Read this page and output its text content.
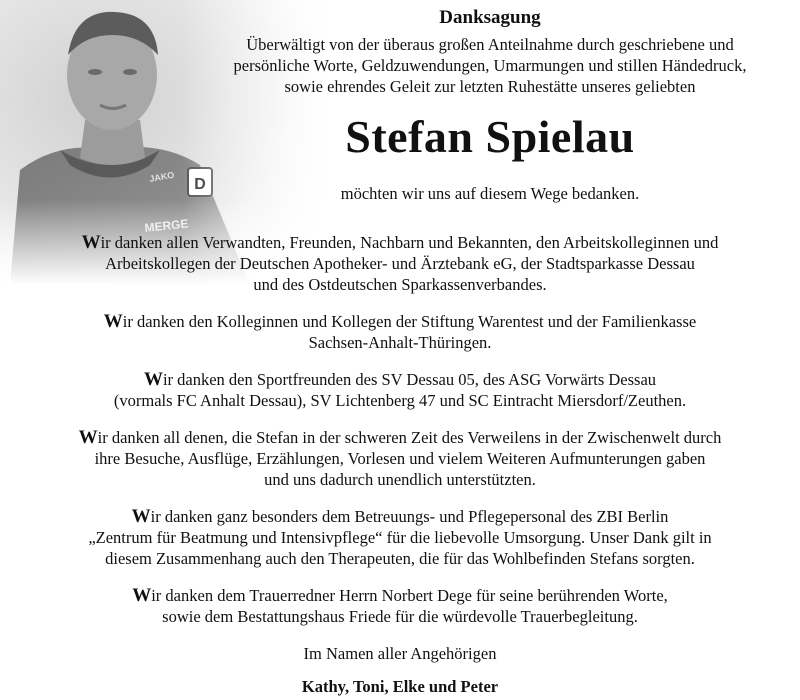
Danksagung
Überwältigt von der überaus großen Anteilnahme durch geschriebene und
persönliche Worte, Geldzuwendungen, Umarmungen und stillen Händedruck,
sowie ehrendes Geleit zur letzten Ruhestätte unseres geliebten
Stefan Spielau
möchten wir uns auf diesem Wege bedanken.
Wir danken allen Verwandten, Freunden, Nachbarn und Bekannten, den Arbeitskolleginnen und
Arbeitskollegen der Deutschen Apotheker- und Ärztebank eG, der Stadtsparkasse Dessau
und des Ostdeutschen Sparkassenverbandes.
Wir danken den Kolleginnen und Kollegen der Stiftung Warentest und der Familienkasse
Sachsen-Anhalt-Thüringen.
Wir danken den Sportfreunden des SV Dessau 05, des ASG Vorwärts Dessau
(vormals FC Anhalt Dessau), SV Lichtenberg 47 und SC Eintracht Miersdorf/Zeuthen.
Wir danken all denen, die Stefan in der schweren Zeit des Verweilens in der Zwischenwelt durch
ihre Besuche, Ausflüge, Erzählungen, Vorlesen und vielem Weiteren Aufmunterungen gaben
und uns dadurch unendlich unterstützten.
Wir danken ganz besonders dem Betreuungs- und Pflegepersonal des ZBI Berlin
„Zentrum für Beatmung und Intensivpflege“ für die liebevolle Umsorgung. Unser Dank gilt in
diesem Zusammenhang auch den Therapeuten, die für das Wohlbefinden Stefans sorgten.
Wir danken dem Trauerredner Herrn Norbert Dege für seine berührenden Worte,
sowie dem Bestattungshaus Friede für die würdevolle Trauerbegleitung.
Im Namen aller Angehörigen
Kathy, Toni, Elke und Peter
